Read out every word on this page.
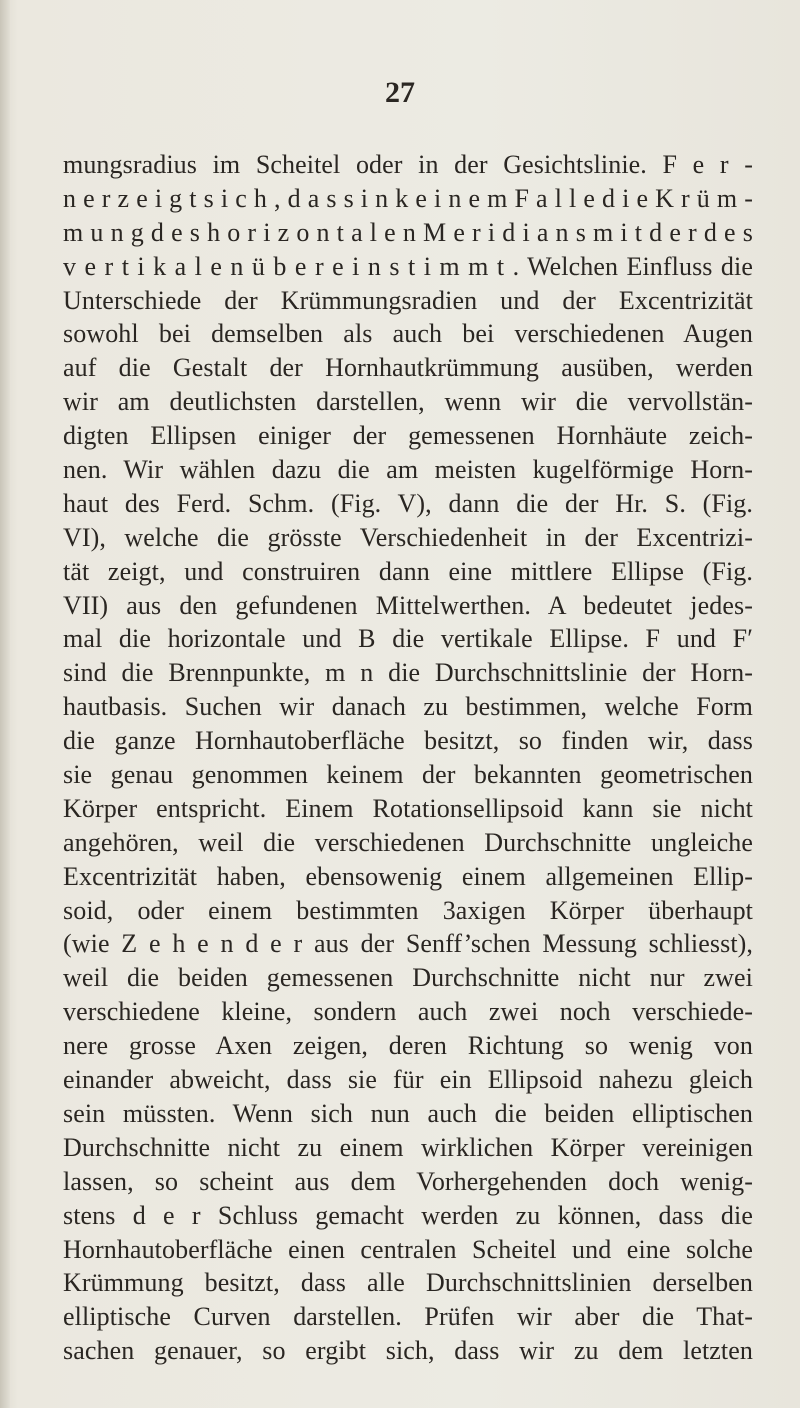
27
mungsradius im Scheitel oder in der Gesichtslinie. F e r -
n e r z e i g t s i c h , d a s s i n k e i n e m F a l l e d i e K r ü m -
m u n g d e s h o r i z o n t a l e n M e r i d i a n s m i t d e r d e s
v e r t i k a l e n ü b e r e i n s t i m m t . Welchen Einfluss die
Unterschiede der Krümmungsradien und der Excentrizität
sowohl bei demselben als auch bei verschiedenen Augen
auf die Gestalt der Hornhautkrümmung ausüben, werden
wir am deutlichsten darstellen, wenn wir die vervollstän-
digten Ellipsen einiger der gemessenen Hornhäute zeich-
nen. Wir wählen dazu die am meisten kugelförmige Horn-
haut des Ferd. Schm. (Fig. V), dann die der Hr. S. (Fig.
VI), welche die grösste Verschiedenheit in der Excentrizi-
tät zeigt, und construiren dann eine mittlere Ellipse (Fig.
VII) aus den gefundenen Mittelwerthen. A bedeutet jedes-
mal die horizontale und B die vertikale Ellipse. F und F′
sind die Brennpunkte, m n die Durchschnittslinie der Horn-
hautbasis. Suchen wir danach zu bestimmen, welche Form
die ganze Hornhautoberfläche besitzt, so finden wir, dass
sie genau genommen keinem der bekannten geometrischen
Körper entspricht. Einem Rotationsellipsoid kann sie nicht
angehören, weil die verschiedenen Durchschnitte ungleiche
Excentrizität haben, ebensowenig einem allgemeinen Ellip-
soid, oder einem bestimmten 3axigen Körper überhaupt
(wie Z e h e n d e r aus der Senff’schen Messung schliesst),
weil die beiden gemessenen Durchschnitte nicht nur zwei
verschiedene kleine, sondern auch zwei noch verschiede-
nere grosse Axen zeigen, deren Richtung so wenig von
einander abweicht, dass sie für ein Ellipsoid nahezu gleich
sein müssten. Wenn sich nun auch die beiden elliptischen
Durchschnitte nicht zu einem wirklichen Körper vereinigen
lassen, so scheint aus dem Vorhergehenden doch wenig-
stens d e r Schluss gemacht werden zu können, dass die
Hornhautoberfläche einen centralen Scheitel und eine solche
Krümmung besitzt, dass alle Durchschnittslinien derselben
elliptische Curven darstellen. Prüfen wir aber die That-
sachen genauer, so ergibt sich, dass wir zu dem letzten
